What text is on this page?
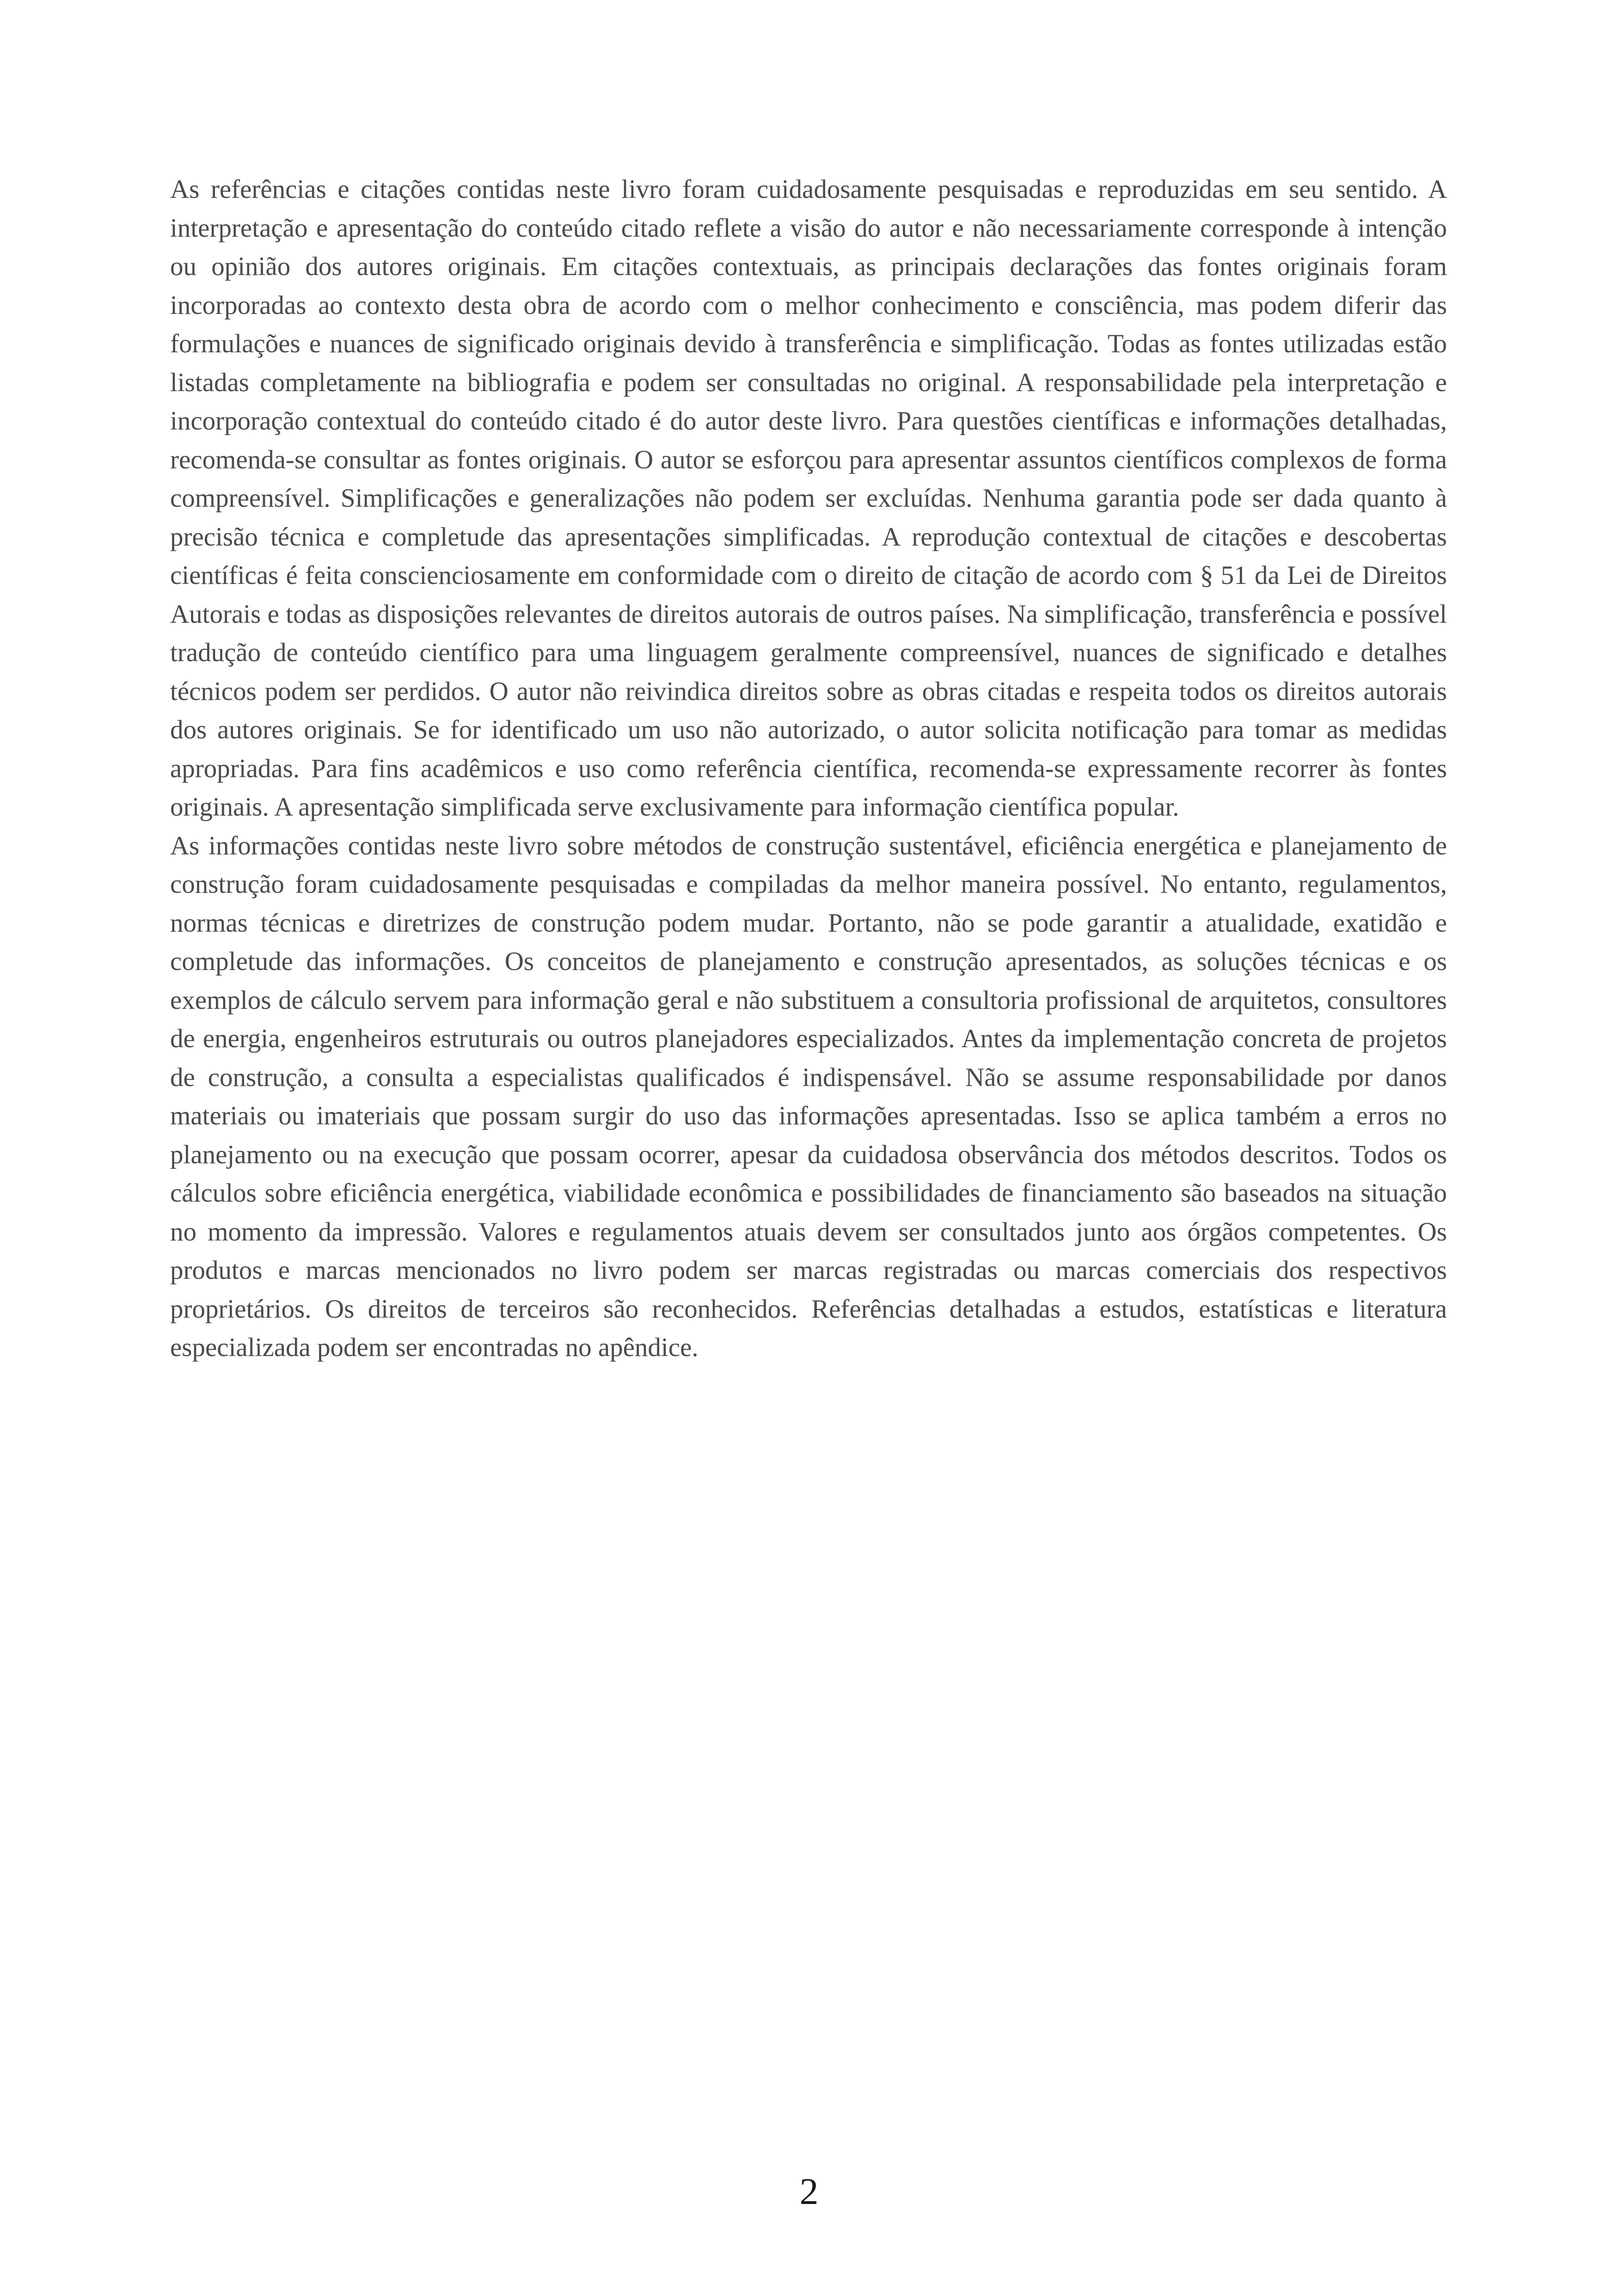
As referências e citações contidas neste livro foram cuidadosamente pesquisadas e reproduzidas em seu sentido. A interpretação e apresentação do conteúdo citado reflete a visão do autor e não necessariamente corresponde à intenção ou opinião dos autores originais. Em citações contextuais, as principais declarações das fontes originais foram incorporadas ao contexto desta obra de acordo com o melhor conhecimento e consciência, mas podem diferir das formulações e nuances de significado originais devido à transferência e simplificação. Todas as fontes utilizadas estão listadas completamente na bibliografia e podem ser consultadas no original. A responsabilidade pela interpretação e incorporação contextual do conteúdo citado é do autor deste livro. Para questões científicas e informações detalhadas, recomenda-se consultar as fontes originais. O autor se esforçou para apresentar assuntos científicos complexos de forma compreensível. Simplificações e generalizações não podem ser excluídas. Nenhuma garantia pode ser dada quanto à precisão técnica e completude das apresentações simplificadas. A reprodução contextual de citações e descobertas científicas é feita conscienciosamente em conformidade com o direito de citação de acordo com § 51 da Lei de Direitos Autorais e todas as disposições relevantes de direitos autorais de outros países. Na simplificação, transferência e possível tradução de conteúdo científico para uma linguagem geralmente compreensível, nuances de significado e detalhes técnicos podem ser perdidos. O autor não reivindica direitos sobre as obras citadas e respeita todos os direitos autorais dos autores originais. Se for identificado um uso não autorizado, o autor solicita notificação para tomar as medidas apropriadas. Para fins acadêmicos e uso como referência científica, recomenda-se expressamente recorrer às fontes originais. A apresentação simplificada serve exclusivamente para informação científica popular.

As informações contidas neste livro sobre métodos de construção sustentável, eficiência energética e planejamento de construção foram cuidadosamente pesquisadas e compiladas da melhor maneira possível. No entanto, regulamentos, normas técnicas e diretrizes de construção podem mudar. Portanto, não se pode garantir a atualidade, exatidão e completude das informações. Os conceitos de planejamento e construção apresentados, as soluções técnicas e os exemplos de cálculo servem para informação geral e não substituem a consultoria profissional de arquitetos, consultores de energia, engenheiros estruturais ou outros planejadores especializados. Antes da implementação concreta de projetos de construção, a consulta a especialistas qualificados é indispensável. Não se assume responsabilidade por danos materiais ou imateriais que possam surgir do uso das informações apresentadas. Isso se aplica também a erros no planejamento ou na execução que possam ocorrer, apesar da cuidadosa observância dos métodos descritos. Todos os cálculos sobre eficiência energética, viabilidade econômica e possibilidades de financiamento são baseados na situação no momento da impressão. Valores e regulamentos atuais devem ser consultados junto aos órgãos competentes. Os produtos e marcas mencionados no livro podem ser marcas registradas ou marcas comerciais dos respectivos proprietários. Os direitos de terceiros são reconhecidos. Referências detalhadas a estudos, estatísticas e literatura especializada podem ser encontradas no apêndice.

2
